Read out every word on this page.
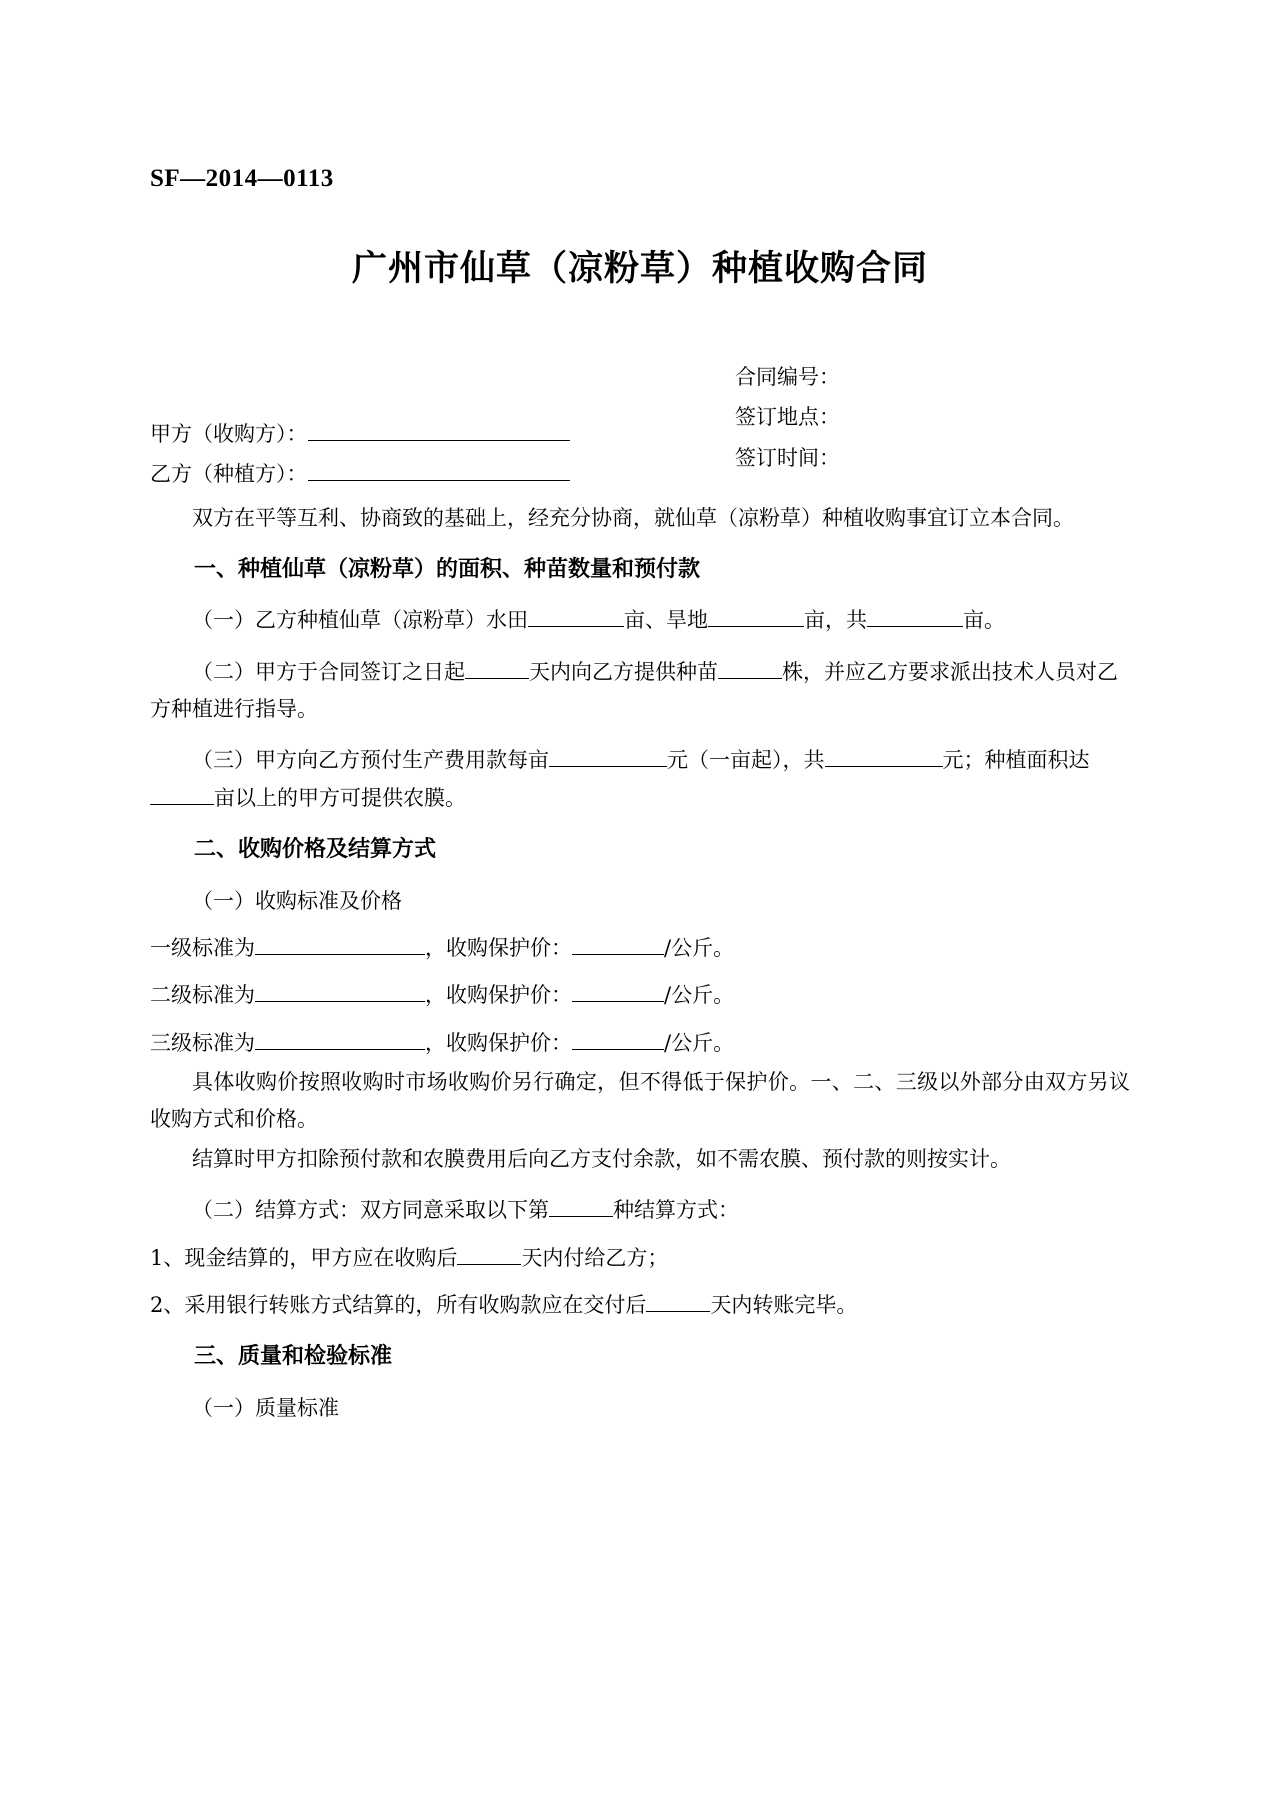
SF—2014—0113
广州市仙草（凉粉草）种植收购合同
合同编号：
签订地点：
签订时间：
甲方（收购方）：
乙方（种植方）：

双方在平等互利、协商致的基础上，经充分协商，就仙草（凉粉草）种植收购事宜订立本合同。

一、种植仙草（凉粉草）的面积、种苗数量和预付款

（一）乙方种植仙草（凉粉草）水田	亩、旱地	亩，共	亩。

（二）甲方于合同签订之日起	天内向乙方提供种苗	株，并应乙方要求派出技术人员对乙方种植进行指导。

（三）甲方向乙方预付生产费用款每亩	元（一亩起），共	元；种植面积达亩以上的甲方可提供农膜。

二、收购价格及结算方式

（一）收购标准及价格

一级标准为	，收购保护价：	/公斤。

二级标准为	，收购保护价：	/公斤。

三级标准为	，收购保护价：	/公斤。

具体收购价按照收购时市场收购价另行确定，但不得低于保护价。一、二、三级以外部分由双方另议收购方式和价格。

结算时甲方扣除预付款和农膜费用后向乙方支付余款，如不需农膜、预付款的则按实计。

（二）结算方式：双方同意采取以下第	种结算方式：

1、现金结算的，甲方应在收购后	天内付给乙方；

2、采用银行转账方式结算的，所有收购款应在交付后	天内转账完毕。

三、质量和检验标准

（一）质量标准
